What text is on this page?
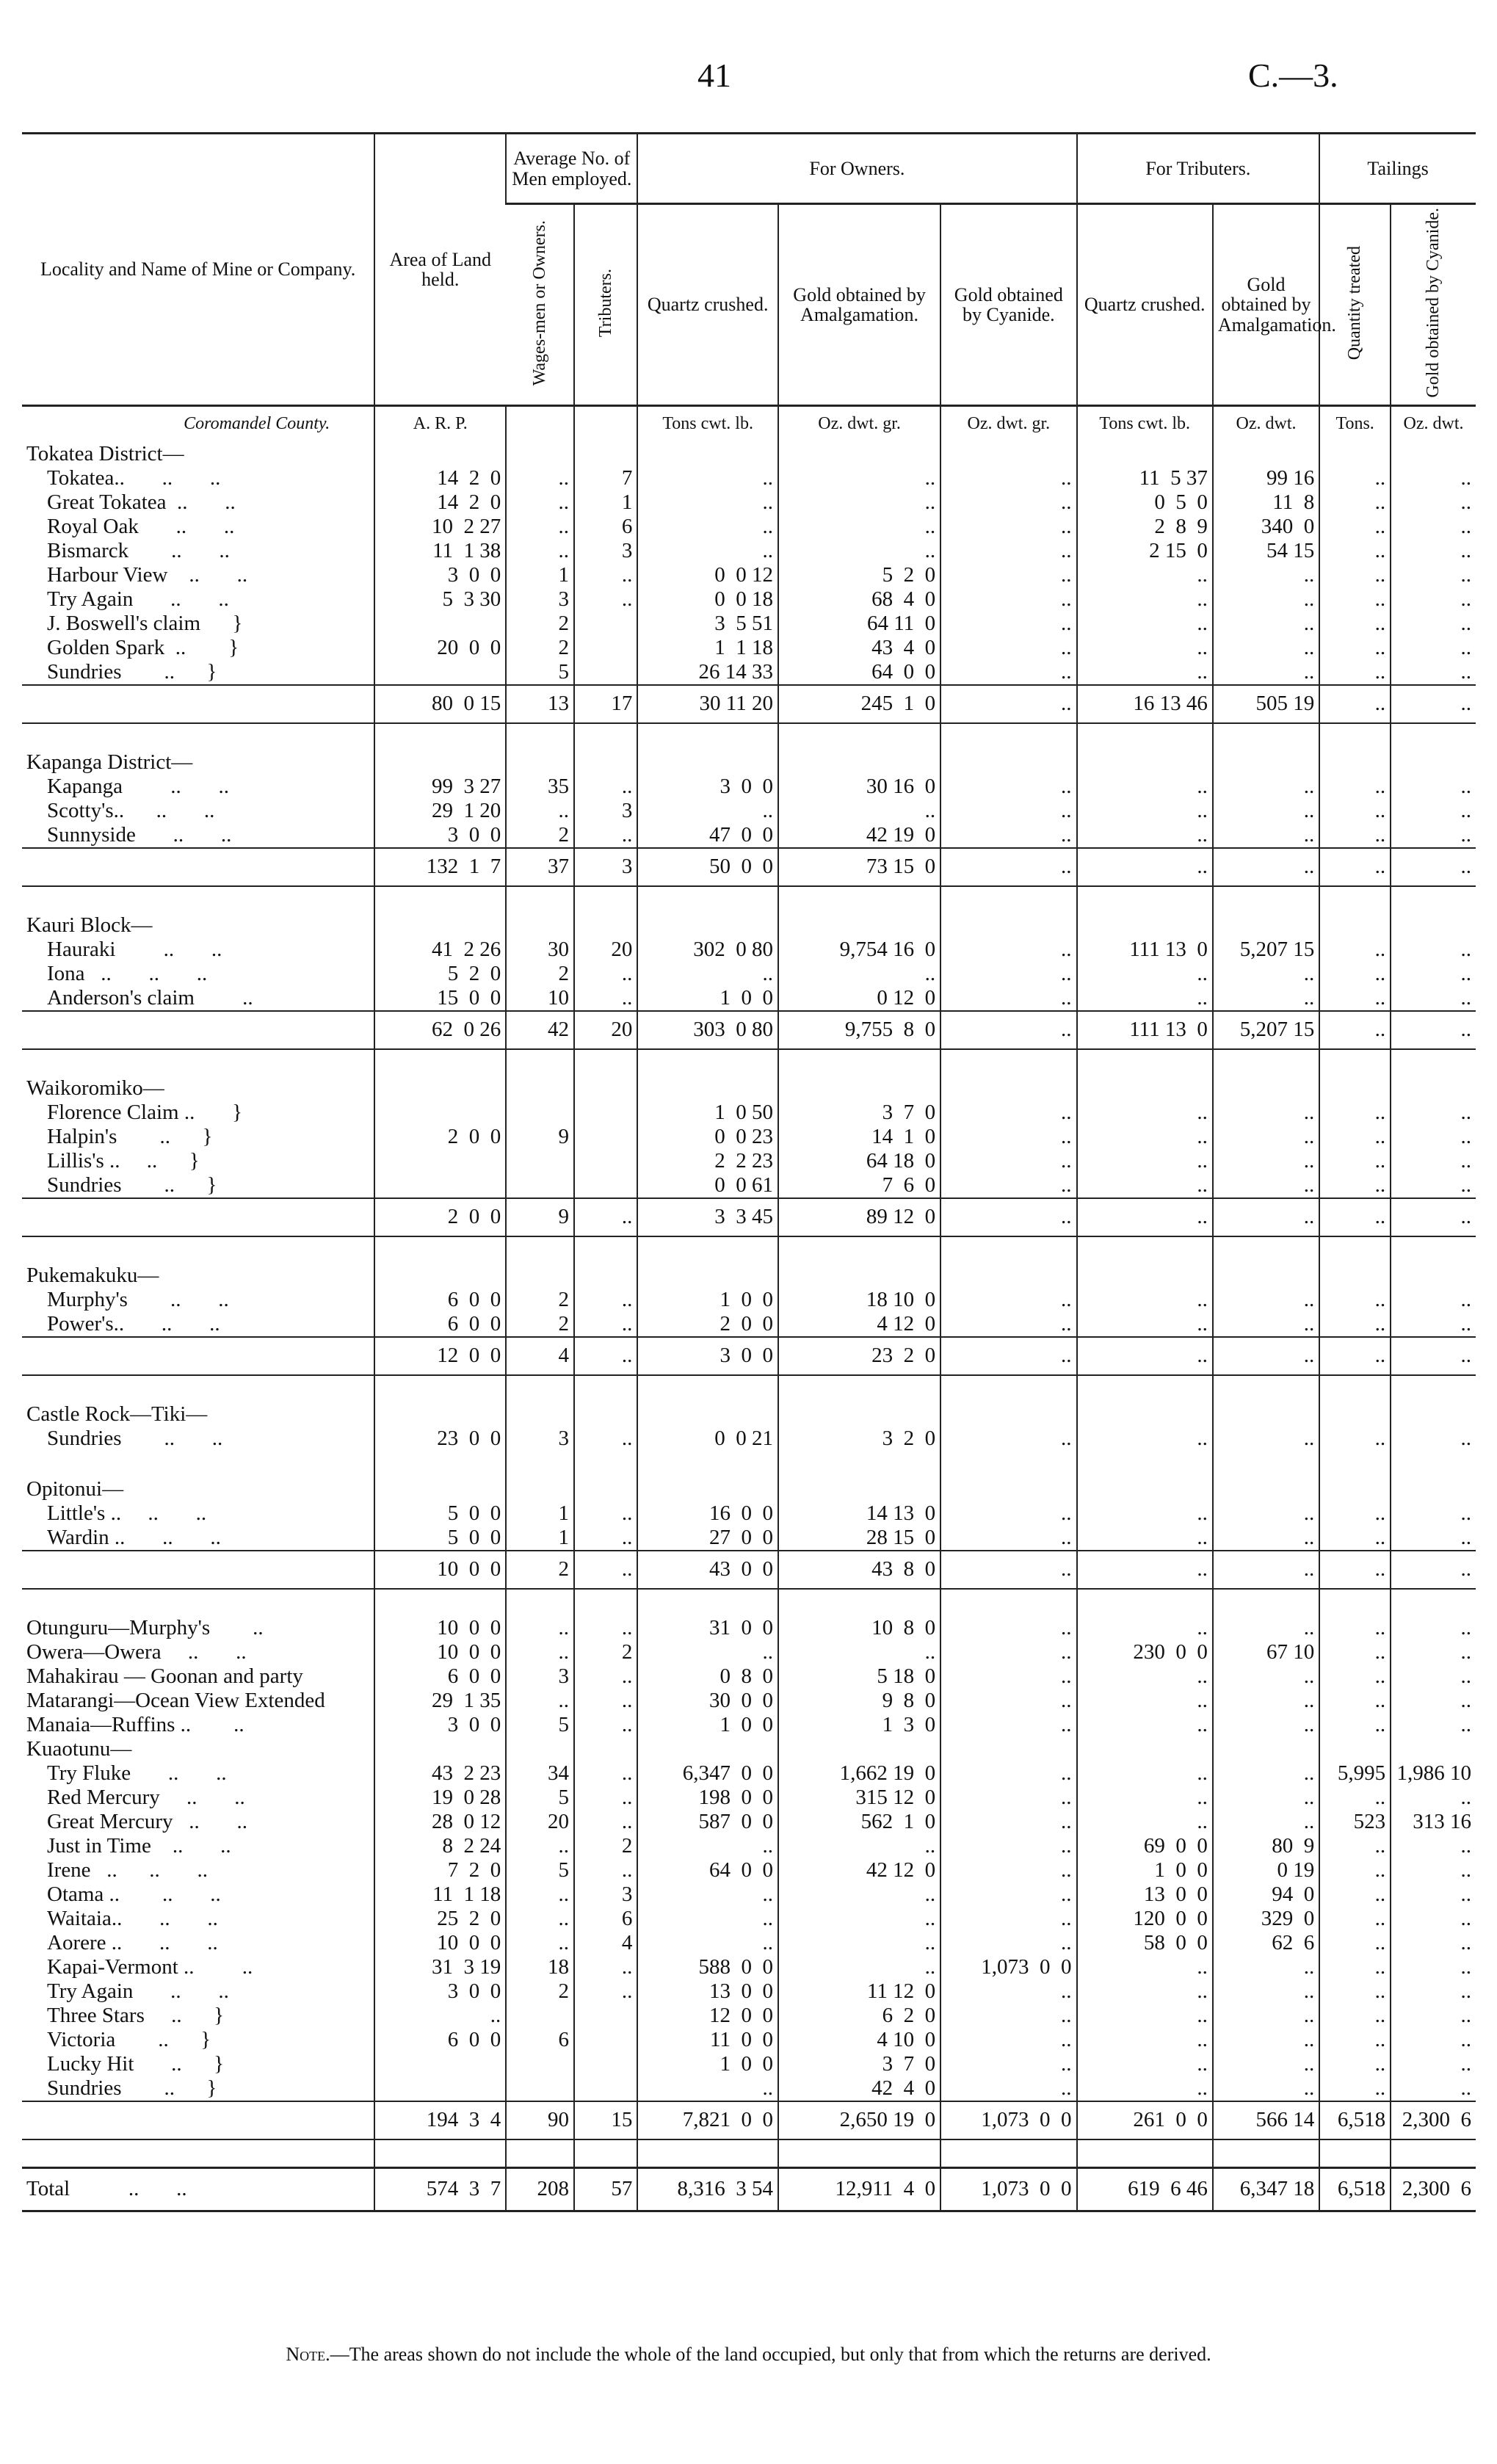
41	C.—3.
Locality and Name of Mine or Company.	Area of Land held.	Average No. of Men employed.		For Owners.			For Tributers.		Tailings	
		Wages-men or Owners.	Tributers.	Quartz crushed.	Gold obtained by Amalgamation.	Gold obtained by Cyanide.	Quartz crushed.	Gold obtained by Amalgamation.	Quantity treated	Gold obtained by Cyanide.
Coromandel County.	A. R. P.			Tons cwt. lb.	Oz. dwt. gr.	Oz. dwt. gr.	Tons cwt. lb.	Oz. dwt.	Tons.	Oz. dwt.
Tokatea District—										
Tokatea..       ..       ..	14  2  0	..	7	..	..	..	11  5 37	99 16	..	..
Great Tokatea  ..       ..	14  2  0	..	1	..	..	..	0  5  0	11  8	..	..
Royal Oak       ..       ..	10  2 27	..	6	..	..	..	2  8  9	340  0	..	..
Bismarck        ..       ..	11  1 38	..	3	..	..	..	2 15  0	54 15	..	..
Harbour View    ..       ..	3  0  0	1	..	0  0 12	5  2  0	..	..	..	..	..
Try Again       ..       ..	5  3 30	3	..	0  0 18	68  4  0	..	..	..	..	..
J. Boswell's claim      }		2		3  5 51	64 11  0	..	..	..	..	..
Golden Spark  ..        }	20  0  0	2		1  1 18	43  4  0	..	..	..	..	..
Sundries        ..      }		5		26 14 33	64  0  0	..	..	..	..	..
	80  0 15	13	17	30 11 20	245  1  0	..	16 13 46	505 19	..	..

Kapanga District—										
Kapanga         ..       ..	99  3 27	35	..	3  0  0	30 16  0	..	..	..	..	..
Scotty's..      ..       ..	29  1 20	..	3	..	..	..	..	..	..	..
Sunnyside       ..       ..	3  0  0	2	..	47  0  0	42 19  0	..	..	..	..	..
	132  1  7	37	3	50  0  0	73 15  0	..	..	..	..	..

Kauri Block—										
Hauraki         ..       ..	41  2 26	30	20	302  0 80	9,754 16  0	..	111 13  0	5,207 15	..	..
Iona   ..       ..       ..	5  2  0	2	..	..	..	..	..	..	..	..
Anderson's claim         ..	15  0  0	10	..	1  0  0	0 12  0	..	..	..	..	..
	62  0 26	42	20	303  0 80	9,755  8  0	..	111 13  0	5,207 15	..	..

Waikoromiko—										
Florence Claim ..       }				1  0 50	3  7  0	..	..	..	..	..
Halpin's        ..      }	2  0  0	9		0  0 23	14  1  0	..	..	..	..	..
Lillis's ..     ..      }				2  2 23	64 18  0	..	..	..	..	..
Sundries        ..      }				0  0 61	7  6  0	..	..	..	..	..
	2  0  0	9	..	3  3 45	89 12  0	..	..	..	..	..

Pukemakuku—										
Murphy's        ..       ..	6  0  0	2	..	1  0  0	18 10  0	..	..	..	..	..
Power's..       ..       ..	6  0  0	2	..	2  0  0	4 12  0	..	..	..	..	..
	12  0  0	4	..	3  0  0	23  2  0	..	..	..	..	..

Castle Rock—Tiki—										
Sundries        ..       ..	23  0  0	3	..	0  0 21	3  2  0	..	..	..	..	..

Opitonui—										
Little's ..     ..       ..	5  0  0	1	..	16  0  0	14 13  0	..	..	..	..	..
Wardin ..       ..       ..	5  0  0	1	..	27  0  0	28 15  0	..	..	..	..	..
	10  0  0	2	..	43  0  0	43  8  0	..	..	..	..	..

Otunguru—Murphy's        ..	10  0  0	..	..	31  0  0	10  8  0	..	..	..	..	..
Owera—Owera     ..       ..	10  0  0	..	2	..	..	..	230  0  0	67 10	..	..
Mahakirau — Goonan and party	6  0  0	3	..	0  8  0	5 18  0	..	..	..	..	..
Matarangi—Ocean View Extended	29  1 35	..	..	30  0  0	9  8  0	..	..	..	..	..
Manaia—Ruffins ..        ..	3  0  0	5	..	1  0  0	1  3  0	..	..	..	..	..
Kuaotunu—										
Try Fluke       ..       ..	43  2 23	34	..	6,347  0  0	1,662 19  0	..	..	..	5,995	1,986 10
Red Mercury     ..       ..	19  0 28	5	..	198  0  0	315 12  0	..	..	..	..	..
Great Mercury   ..       ..	28  0 12	20	..	587  0  0	562  1  0	..	..	..	523	313 16
Just in Time    ..       ..	8  2 24	..	2	..	..	..	69  0  0	80  9	..	..
Irene   ..      ..       ..	7  2  0	5	..	64  0  0	42 12  0	..	1  0  0	0 19	..	..
Otama ..        ..       ..	11  1 18	..	3	..	..	..	13  0  0	94  0	..	..
Waitaia..       ..       ..	25  2  0	..	6	..	..	..	120  0  0	329  0	..	..
Aorere ..       ..       ..	10  0  0	..	4	..	..	..	58  0  0	62  6	..	..
Kapai-Vermont ..         ..	31  3 19	18	..	588  0  0	..	1,073  0  0	..	..	..	..
Try Again       ..       ..	3  0  0	2	..	13  0  0	11 12  0	..	..	..	..	..
Three Stars     ..      }	..			12  0  0	6  2  0	..	..	..	..	..
Victoria        ..      }	6  0  0	6		11  0  0	4 10  0	..	..	..	..	..
Lucky Hit       ..      }				1  0  0	3  7  0	..	..	..	..	..
Sundries        ..      }				..	42  4  0	..	..	..	..	..
	194  3  4	90	15	7,821  0  0	2,650 19  0	1,073  0  0	261  0  0	566 14	6,518	2,300  6

Total           ..       ..	574  3  7	208	57	8,316  3 54	12,911  4  0	1,073  0  0	619  6 46	6,347 18	6,518	2,300  6
Note.—The areas shown do not include the whole of the land occupied, but only that from which the returns are derived.
